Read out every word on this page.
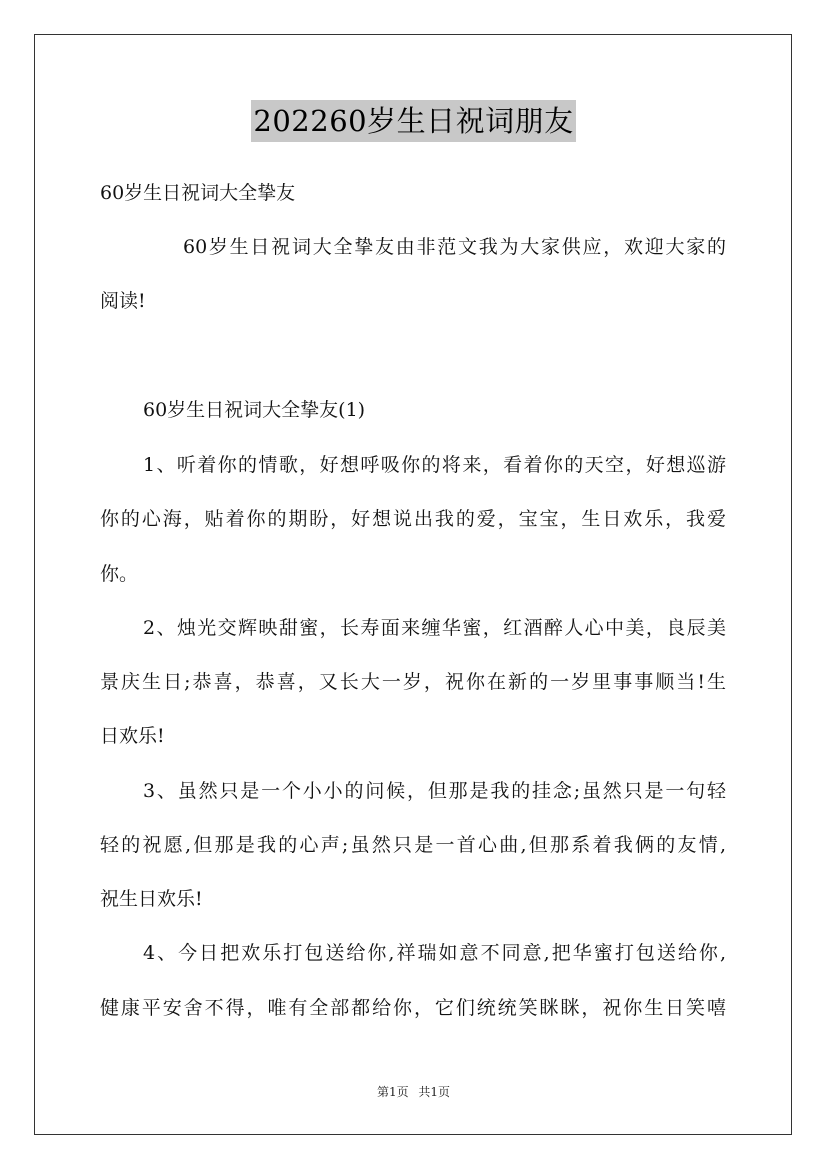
202260岁生日祝词朋友

60岁生日祝词大全挚友

60岁生日祝词大全挚友由非范文我为大家供应，欢迎大家的

阅读!

60岁生日祝词大全挚友(1)

1、听着你的情歌，好想呼吸你的将来，看着你的天空，好想巡游

你的心海，贴着你的期盼，好想说出我的爱，宝宝，生日欢乐，我爱

你。

2、烛光交辉映甜蜜，长寿面来缠华蜜，红酒醉人心中美，良辰美

景庆生日;恭喜，恭喜，又长大一岁，祝你在新的一岁里事事顺当!生

日欢乐!

3、虽然只是一个小小的问候，但那是我的挂念;虽然只是一句轻

轻的祝愿,但那是我的心声;虽然只是一首心曲,但那系着我俩的友情,

祝生日欢乐!

4、今日把欢乐打包送给你,祥瑞如意不同意,把华蜜打包送给你,

健康平安舍不得，唯有全部都给你，它们统统笑眯眯，祝你生日笑嘻

第1页 共1页
